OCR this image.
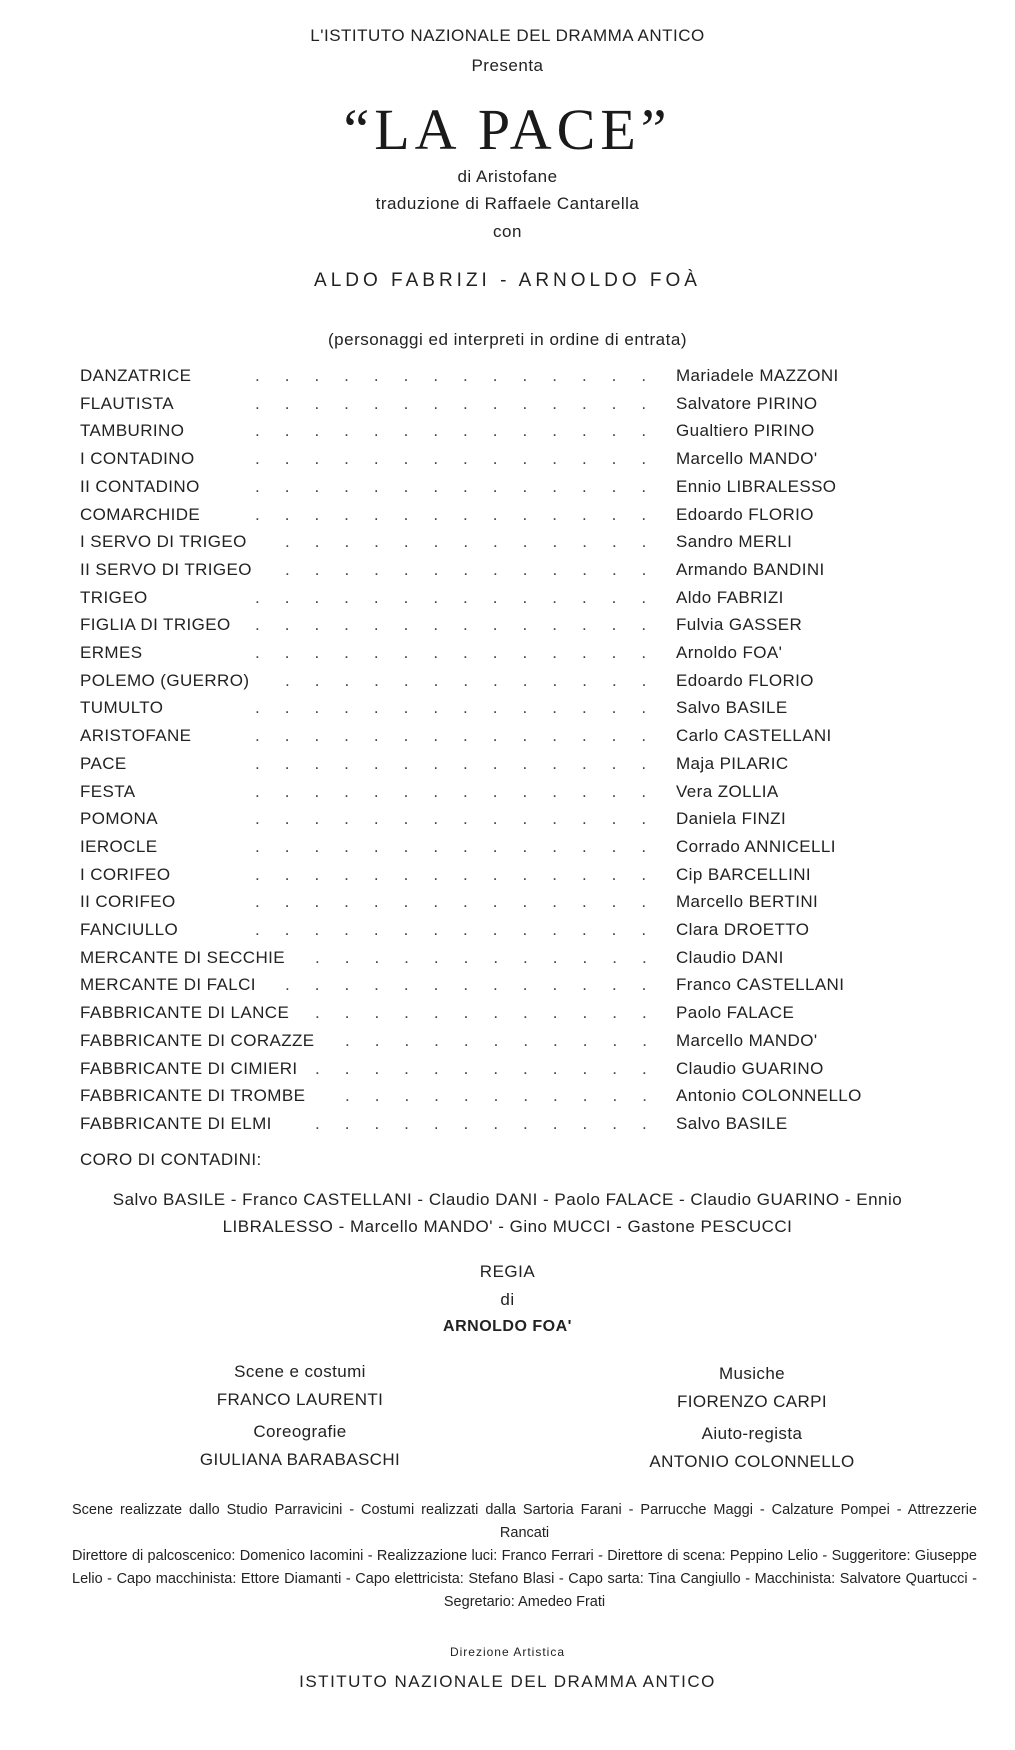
L'ISTITUTO NAZIONALE DEL DRAMMA ANTICO
Presenta
“LA PACE”
di Aristofane
traduzione di Raffaele Cantarella
con
ALDO FABRIZI - ARNOLDO FOÀ
(personaggi ed interpreti in ordine di entrata)
DANZATRICE	.............. Mariadele MAZZONI
FLAUTISTA	.............. Salvatore PIRINO
TAMBURINO	.............. Gualtiero PIRINO
I CONTADINO	.............. Marcello MANDO'
II CONTADINO	.............. Ennio LIBRALESSO
COMARCHIDE	.............. Edoardo FLORIO
I SERVO DI TRIGEO ............. Sandro MERLI
II SERVO DI TRIGEO ............. Armando BANDINI
TRIGEO	.............. Aldo FABRIZI
FIGLIA DI TRIGEO .............. Fulvia GASSER
ERMES	.............. Arnoldo FOA'
POLEMO (GUERRO) ............. Edoardo FLORIO
TUMULTO	.............. Salvo BASILE
ARISTOFANE	.............. Carlo CASTELLANI
PACE	.............. Maja PILARIC
FESTA	.............. Vera ZOLLIA
POMONA	.............. Daniela FINZI
IEROCLE	.............. Corrado ANNICELLI
I CORIFEO	.............. Cip BARCELLINI
II CORIFEO	.............. Marcello BERTINI
FANCIULLO	.............. Clara DROETTO
MERCANTE DI SECCHIE ............ Claudio DANI
MERCANTE DI FALCI ............. Franco CASTELLANI
FABBRICANTE DI LANCE ............ Paolo FALACE
FABBRICANTE DI CORAZZE ........... Marcello MANDO'
FABBRICANTE DI CIMIERI ............ Claudio GUARINO
FABBRICANTE DI TROMBE ........... Antonio COLONNELLO
FABBRICANTE DI ELMI	............ Salvo BASILE
CORO DI CONTADINI:
Salvo BASILE - Franco CASTELLANI - Claudio DANI - Paolo FALACE - Claudio GUARINO - Ennio
LIBRALESSO - Marcello MANDO' - Gino MUCCI - Gastone PESCUCCI
REGIA
di
ARNOLDO FOA'
Scene e costumi
FRANCO LAURENTI
Coreografie
GIULIANA BARABASCHI
Musiche
FIORENZO CARPI
Aiuto-regista
ANTONIO COLONNELLO
Scene realizzate dallo Studio Parravicini - Costumi realizzati dalla Sartoria Farani - Parrucche Maggi - Calzature Pompei - Attrezzerie Rancati
Direttore di palcoscenico: Domenico Iacomini - Realizzazione luci: Franco Ferrari - Direttore di scena: Peppino Lelio - Suggeritore: Giuseppe Lelio - Capo macchinista: Ettore Diamanti - Capo elettricista: Stefano Blasi - Capo sarta: Tina Cangiullo - Macchinista: Salvatore Quartucci - Segretario: Amedeo Frati
Direzione Artistica
ISTITUTO NAZIONALE DEL DRAMMA ANTICO
